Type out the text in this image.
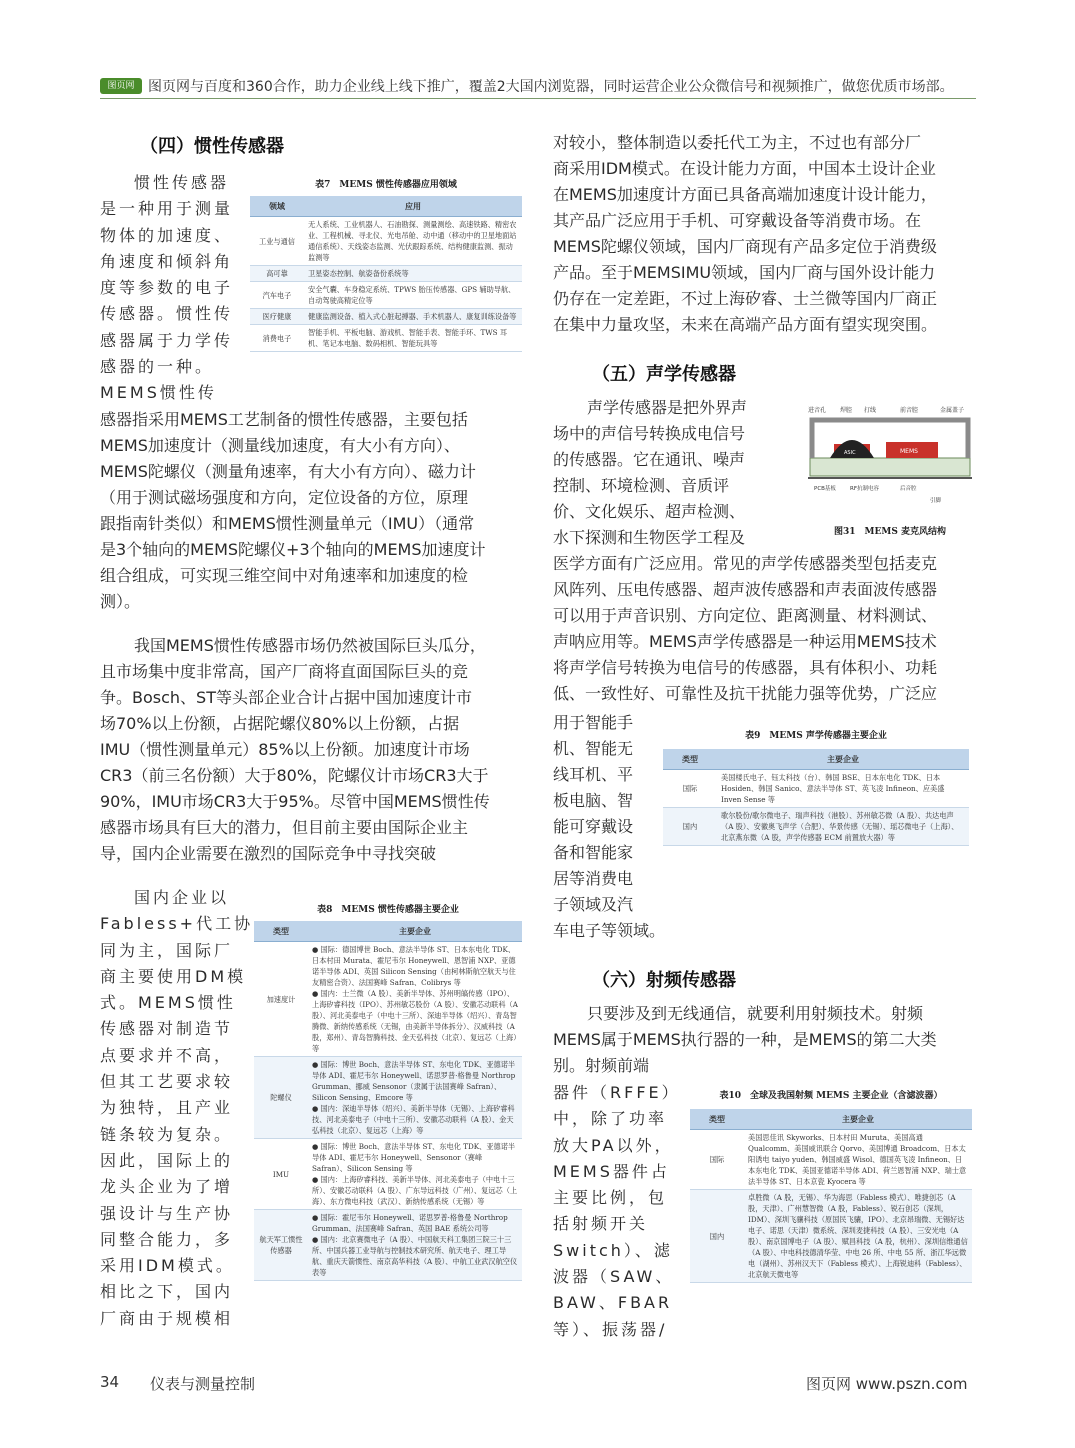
图页网 图页网与百度和360合作，助力企业线上线下推广，覆盖2大国内浏览器，同时运营企业公众微信号和视频推广，做您优质市场部。
（四）惯性传感器
惯性传感器
是一种用于测量
物体的加速度、
角速度和倾斜角
度等参数的电子
传感器。惯性传
感器属于力学传
感器的一种。
MEMS惯性传
感器指采用MEMS工艺制备的惯性传感器，主要包括
MEMS加速度计（测量线加速度，有大小有方向）、
MEMS陀螺仪（测量角速率，有大小有方向）、磁力计
（用于测试磁场强度和方向，定位设备的方位，原理
跟指南针类似）和MEMS惯性测量单元（IMU）（通常
是3个轴向的MEMS陀螺仪+3个轴向的MEMS加速度计
组合组成，可实现三维空间中对角速率和加速度的检
测）。
我国MEMS惯性传感器市场仍然被国际巨头瓜分，
且市场集中度非常高，国产厂商将直面国际巨头的竞
争。Bosch、ST等头部企业合计占据中国加速度计市
场70%以上份额，占据陀螺仪80%以上份额，占据
IMU（惯性测量单元）85%以上份额。加速度计市场
CR3（前三名份额）大于80%，陀螺仪计市场CR3大于
90%，IMU市场CR3大于95%。尽管中国MEMS惯性传
感器市场具有巨大的潜力，但目前主要由国际企业主
导，国内企业需要在激烈的国际竞争中寻找突破
国内企业以
Fabless+代工协
同为主，国际厂
商主要使用DM模
式。MEMS惯性
传感器对制造节
点要求并不高，
但其工艺要求较
为独特，且产业
链条较为复杂。
因此，国际上的
龙头企业为了增
强设计与生产协
同整合能力，多
采用IDM模式。
相比之下，国内
厂商由于规模相
表7　MEMS 惯性传感器应用领域
领域	应用
工业与通信	无人系统、工业机器人、石油勘探、测量测绘、高速铁路、精密农业、工程机械、寻北仪、光电吊舱、动中通（移动中的卫星地面站通信系统）、天线姿态监测、光伏跟踪系统、结构健康监测、振动监测等
高可靠	卫星姿态控制、航姿备份系统等
汽车电子	安全气囊、车身稳定系统、TPWS 胎压传感器、GPS 辅助导航、自动驾驶高精定位等
医疗健康	健康监测设备、植入式心脏起搏器、手术机器人、康复训练设备等
消费电子	智能手机、平板电脑、游戏机、智能手表、智能手环、TWS 耳机、笔记本电脑、数码相机、智能玩具等
表8　MEMS 惯性传感器主要企业
类型	主要企业
加速度计	● 国际：德国博世 Boch、意法半导体 ST、日本东电化 TDK、日本村田 Murata、霍尼韦尔 Honeywell、恩智浦 NXP、亚德诺半导体 ADI、英国 Silicon Sensing（由柯林斯航空航天与住友精密合资）、法国赛峰 Safran、Colibrys 等
● 国内：士兰微（A 股）、美新半导体、苏州明皜传感（IPO）、上海矽睿科技（IPO）、苏州敏芯股份（A 股）、安徽芯动联科（A 股）、河北美泰电子（中电十三所）、深迪半导体（绍兴）、青岛智腾微、新纳传感系统（无锡，由美新半导体拆分）、汉威科技（A 股，郑州）、青岛智腾科技、金天弘科技（北京）、复远芯（上海）等
陀螺仪	● 国际：博世 Boch、意法半导体 ST、东电化 TDK、亚德诺半导体 ADI、霍尼韦尔 Honeywell、诺思罗普·格鲁曼 Northrop Grumman、挪威 Sensonor（隶属于法国赛峰 Safran）、Silicon Sensing、Emcore 等
● 国内：深迪半导体（绍兴）、美新半导体（无锡）、上海矽睿科技、河北美泰电子（中电十三所）、安徽芯动联科（A 股）、金天弘科技（北京）、复远芯（上海）等
IMU	● 国际：博世 Boch、意法半导体 ST、东电化 TDK、亚德诺半导体 ADI、霍尼韦尔 Honeywell、Sensonor（赛峰 Safran）、Silicon Sensing 等
● 国内：上海矽睿科技、美新半导体、河北美泰电子（中电十三所）、安徽芯动联科（A 股）、广东导远科技（广州）、复远芯（上海）、东方微电科技（武汉）、新纳传感系统（无锡）等
航天军工惯性传感器	● 国际：霍尼韦尔 Honeywell、诺思罗普·格鲁曼 Northrop Grumman、法国赛峰 Safran、英国 BAE 系统公司等
● 国内：北京赛微电子（A 股）、中国航天科工集团三院三十三所、中国兵器工业导航与控制技术研究所、航天电子、理工导航、重庆天箭惯性、南京高华科技（A 股）、中航工业武汉航空仪表等
对较小，整体制造以委托代工为主，不过也有部分厂
商采用IDM模式。在设计能力方面，中国本土设计企业
在MEMS加速度计方面已具备高端加速度计设计能力，
其产品广泛应用于手机、可穿戴设备等消费市场。在
MEMS陀螺仪领域，国内厂商现有产品多定位于消费级
产品。至于MEMSIMU领域，国内厂商与国外设计能力
仍存在一定差距，不过上海矽睿、士兰微等国内厂商正
在集中力量攻坚，未来在高端产品方面有望实现突围。
（五）声学传感器
声学传感器是把外界声
场中的声信号转换成电信号
的传感器。它在通讯、噪声
控制、环境检测、音质评
价、文化娱乐、超声检测、
水下探测和生物医学工程及
医学方面有广泛应用。常见的声学传感器类型包括麦克
风阵列、压电传感器、超声波传感器和声表面波传感器
可以用于声音识别、方向定位、距离测量、材料测试、
声呐应用等。MEMS声学传感器是一种运用MEMS技术
将声学信号转换为电信号的传感器，具有体积小、功耗
低、一致性好、可靠性及抗干扰能力强等优势，广泛应
用于智能手
机、智能无
线耳机、平
板电脑、智
能可穿戴设
备和智能家
居等消费电
子领域及汽
车电子等领域。
进音孔 焊腔 打线	前音腔	金属盖子
ASIC	MEMS
PCB基板	RF抗制电容	后音腔
引脚
图31　MEMS 麦克风结构
表9　MEMS 声学传感器主要企业
类型	主要企业
国际	美国楼氏电子、钰太科技（台）、韩国 BSE、日本东电化 TDK、日本 Hosiden、韩国 Sanico、意法半导体 ST、英飞凌 Infineon、应美盛 Inven Sense 等
国内	歌尔股份/歌尔微电子、瑞声科技（港股）、苏州敏芯微（A 股）、共达电声（A 股）、安徽奥飞声学（合肥）、华景传感（无锡）、瑶芯微电子（上海）、北京燕东微（A 股，声学传感器 ECM 前置放大器）等
（六）射频传感器
只要涉及到无线通信，就要利用射频技术。射频
MEMS属于MEMS执行器的一种，是MEMS的第二大类
别。射频前端
器件（RFFE）
中，除了功率
放大PA以外，
MEMS器件占
主要比例，包
括射频开关
Switch）、滤
波器（SAW、
BAW、FBAR
等）、振荡器/
表10　全球及我国射频 MEMS 主要企业（含滤波器）
类型	主要企业
国际	美国思佳讯 Skyworks、日本村田 Muruta、美国高通 Qualcomm、美国威讯联合 Qorvo、美国博通 Broadcom、日本太阳诱电 taiyo yuden、韩国威盛 Wisol、德国英飞凌 Infineon、日本东电化 TDK、美国亚德诺半导体 ADI、荷兰恩智浦 NXP、瑞士意法半导体 ST、日本京瓷 Kyocera 等
国内	卓胜微（A 股，无锡）、华为海思（Fabless 模式）、唯捷创芯（A 股，天津）、广州慧智微（A 股，Fabless）、锐石创芯（深圳，IDM）、深圳飞骧科技（原国民飞骧，IPO）、北京昂瑞微、无锡好达电子、诺思（天津）微系统、深圳麦捷科技（A 股）、三安光电（A 股）、南京国博电子（A 股）、赋昌科技（A 股，杭州）、深圳信维通信（A 股）、中电科技德清华莹、中电 26 所、中电 55 所、浙江华远微电（湖州）、苏州汉天下（Fabless 模式）、上海锐迪科（Fabless）、北京航天微电等
34 仪表与测量控制	图页网 www.pszn.com
